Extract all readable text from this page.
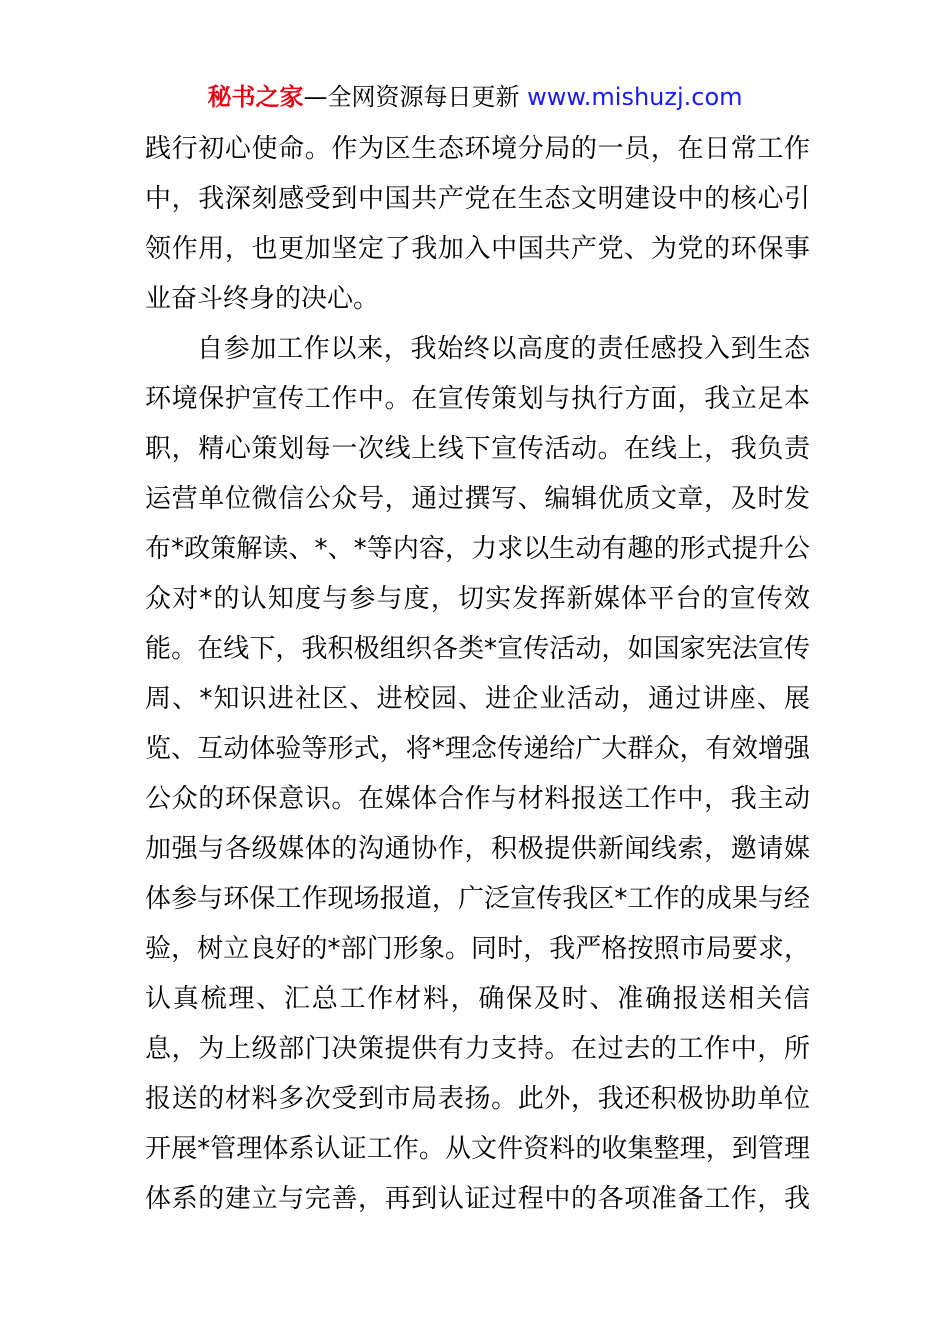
秘书之家—全网资源每日更新 www.mishuzj.com
践行初心使命。作为区生态环境分局的一员，在日常工作
中，我深刻感受到中国共产党在生态文明建设中的核心引
领作用，也更加坚定了我加入中国共产党、为党的环保事
业奋斗终身的决心。
自参加工作以来，我始终以高度的责任感投入到生态
环境保护宣传工作中。在宣传策划与执行方面，我立足本
职，精心策划每一次线上线下宣传活动。在线上，我负责
运营单位微信公众号，通过撰写、编辑优质文章，及时发
布*政策解读、*、*等内容，力求以生动有趣的形式提升公
众对*的认知度与参与度，切实发挥新媒体平台的宣传效
能。在线下，我积极组织各类*宣传活动，如国家宪法宣传
周、*知识进社区、进校园、进企业活动，通过讲座、展
览、互动体验等形式，将*理念传递给广大群众，有效增强
公众的环保意识。在媒体合作与材料报送工作中，我主动
加强与各级媒体的沟通协作，积极提供新闻线索，邀请媒
体参与环保工作现场报道，广泛宣传我区*工作的成果与经
验，树立良好的*部门形象。同时，我严格按照市局要求，
认真梳理、汇总工作材料，确保及时、准确报送相关信
息，为上级部门决策提供有力支持。在过去的工作中，所
报送的材料多次受到市局表扬。此外，我还积极协助单位
开展*管理体系认证工作。从文件资料的收集整理，到管理
体系的建立与完善，再到认证过程中的各项准备工作，我
